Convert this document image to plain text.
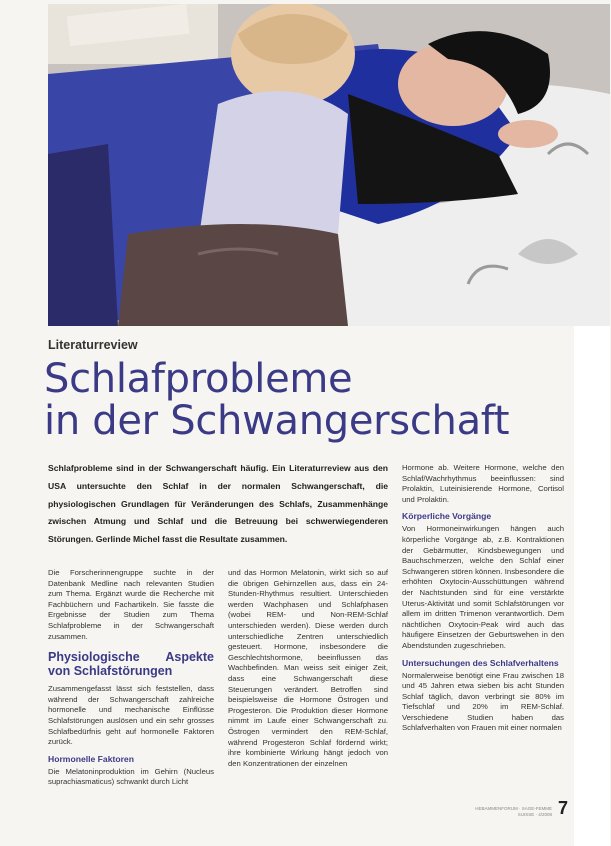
Literaturreview
Schlafprobleme
in der Schwangerschaft
Schlafprobleme sind in der Schwangerschaft häufig. Ein Literaturreview aus den USA untersuchte den Schlaf in der normalen Schwangerschaft, die physiologischen Grundlagen für Veränderungen des Schlafs, Zusammenhänge zwischen Atmung und Schlaf und die Betreuung bei schwerwiegenderen Störungen. Gerlinde Michel fasst die Resultate zusammen.

Die Forscherinnengruppe suchte in der Datenbank Medline nach relevanten Studien zum Thema. Ergänzt wurde die Recherche mit Fachbüchern und Fachartikeln. Sie fasste die Ergebnisse der Studien zum Thema Schlafprobleme in der Schwangerschaft zusammen.

Physiologische Aspekte von Schlafstörungen

Zusammengefasst lässt sich feststellen, dass während der Schwangerschaft zahlreiche hormonelle und mechanische Einflüsse Schlafstörungen auslösen und ein sehr grosses Schlafbedürfnis geht auf hormonelle Faktoren zurück.

Hormonelle Faktoren

Die Melatoninproduktion im Gehirn (Nucleus suprachiasmaticus) schwankt durch Licht

und das Hormon Melatonin, wirkt sich so auf die übrigen Gehirnzellen aus, dass ein 24-Stunden-Rhythmus resultiert. Unterschieden werden Wachphasen und Schlafphasen (wobei REM- und Non-REM-Schlaf unterschieden werden). Diese werden durch unterschiedliche Zentren unterschiedlich gesteuert. Hormone, insbesondere die Geschlechtshormone, beeinflussen das Wachbefinden. Man weiss seit einiger Zeit, dass eine Schwangerschaft diese Steuerungen verändert. Betroffen sind beispielsweise die Hormone Östrogen und Progesteron. Die Produktion dieser Hormone nimmt im Laufe einer Schwangerschaft zu. Östrogen vermindert den REM-Schlaf, während Progesteron Schlaf fördernd wirkt; ihre kombinierte Wirkung hängt jedoch von den Konzentrationen der einzelnen

Hormone ab. Weitere Hormone, welche den Schlaf/Wachrhythmus beeinflussen: sind Prolaktin, Luteinisierende Hormone, Cortisol und Prolaktin.

Körperliche Vorgänge

Von Hormoneinwirkungen hängen auch körperliche Vorgänge ab, z.B. Kontraktionen der Gebärmutter, Kindsbewegungen und Bauchschmerzen, welche den Schlaf einer Schwangeren stören können. Insbesondere die erhöhten Oxytocin-Ausschüttungen während der Nachtstunden sind für eine verstärkte Uterus-Aktivität und somit Schlafstörungen vor allem im dritten Trimenon verantwortlich. Dem nächtlichen Oxytocin-Peak wird auch das häufigere Einsetzen der Geburtswehen in den Abendstunden zugeschrieben.

Untersuchungen des Schlafverhaltens

Normalerweise benötigt eine Frau zwischen 18 und 45 Jahren etwa sieben bis acht Stunden Schlaf täglich, davon verbringt sie 80% im Tiefschlaf und 20% im REM-Schlaf. Verschiedene Studien haben das Schlafverhalten von Frauen mit einer normalen

HEBAMMENFORUM · SAGE-FEMME SUISSE · 4/2008 7
